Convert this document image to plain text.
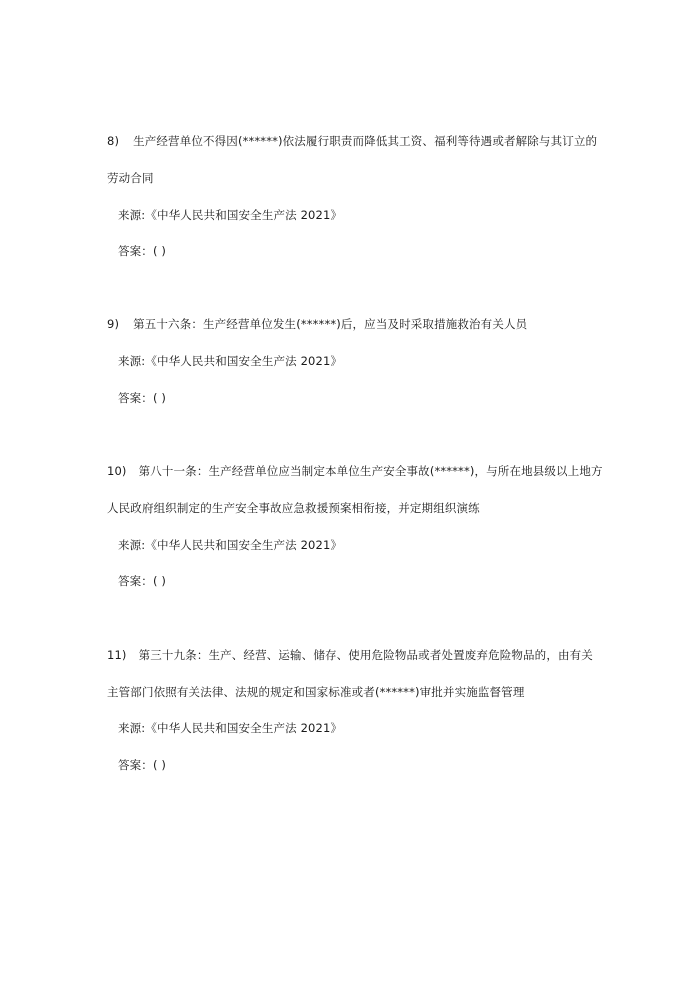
8) 生产经营单位不得因(******)依法履行职责而降低其工资、福利等待遇或者解除与其订立的
劳动合同
来源:《中华人民共和国安全生产法 2021》
答案：( )
9) 第五十六条：生产经营单位发生(******)后，应当及时采取措施救治有关人员
来源:《中华人民共和国安全生产法 2021》
答案：( )
10) 第八十一条：生产经营单位应当制定本单位生产安全事故(******)，与所在地县级以上地方
人民政府组织制定的生产安全事故应急救援预案相衔接，并定期组织演练
来源:《中华人民共和国安全生产法 2021》
答案：( )
11) 第三十九条：生产、经营、运输、储存、使用危险物品或者处置废弃危险物品的，由有关
主管部门依照有关法律、法规的规定和国家标准或者(******)审批并实施监督管理
来源:《中华人民共和国安全生产法 2021》
答案：( )
